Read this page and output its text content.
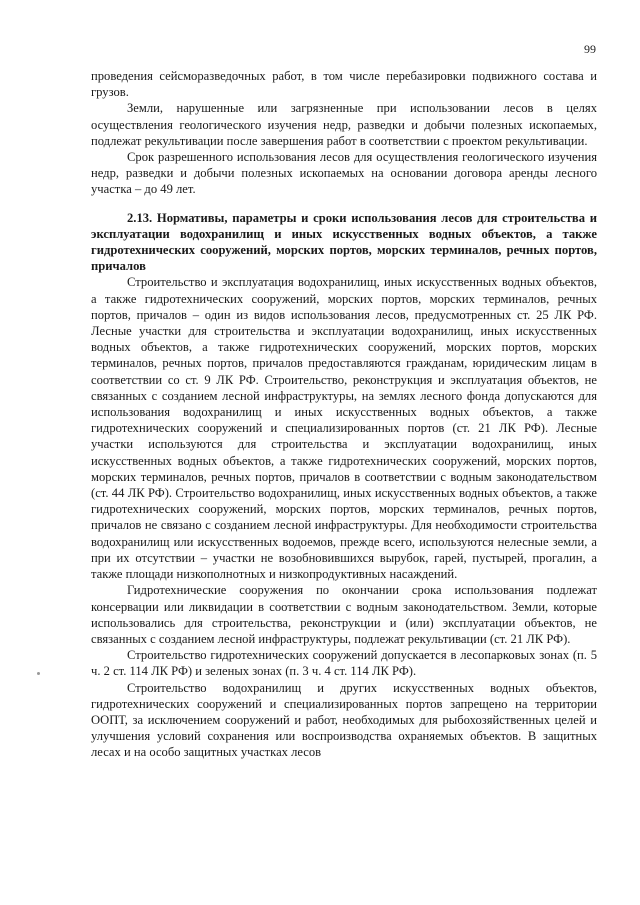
99

проведения сейсморазведочных работ, в том числе перебазировки подвижного состава и грузов.

Земли, нарушенные или загрязненные при использовании лесов в целях осуществления геологического изучения недр, разведки и добычи полезных ископаемых, подлежат рекультивации после завершения работ в соответствии с проектом рекультивации.

Срок разрешенного использования лесов для осуществления геологического изучения недр, разведки и добычи полезных ископаемых на основании договора аренды лесного участка – до 49 лет.

2.13. Нормативы, параметры и сроки использования лесов для строительства и эксплуатации водохранилищ и иных искусственных водных объектов, а также гидротехнических сооружений, морских портов, морских терминалов, речных портов, причалов

Строительство и эксплуатация водохранилищ, иных искусственных водных объектов, а также гидротехнических сооружений, морских портов, морских терминалов, речных портов, причалов – один из видов использования лесов, предусмотренных ст. 25 ЛК РФ. Лесные участки для строительства и эксплуатации водохранилищ, иных искусственных водных объектов, а также гидротехнических сооружений, морских портов, морских терминалов, речных портов, причалов предоставляются гражданам, юридическим лицам в соответствии со ст. 9 ЛК РФ. Строительство, реконструкция и эксплуатация объектов, не связанных с созданием лесной инфраструктуры, на землях лесного фонда допускаются для использования водохранилищ и иных искусственных водных объектов, а также гидротехнических сооружений и специализированных портов (ст. 21 ЛК РФ). Лесные участки используются для строительства и эксплуатации водохранилищ, иных искусственных водных объектов, а также гидротехнических сооружений, морских портов, морских терминалов, речных портов, причалов в соответствии с водным законодательством (ст. 44 ЛК РФ). Строительство водохранилищ, иных искусственных водных объектов, а также гидротехнических сооружений, морских портов, морских терминалов, речных портов, причалов не связано с созданием лесной инфраструктуры. Для необходимости строительства водохранилищ или искусственных водоемов, прежде всего, используются нелесные земли, а при их отсутствии – участки не возобновившихся вырубок, гарей, пустырей, прогалин, а также площади низкополнотных и низкопродуктивных насаждений.

Гидротехнические сооружения по окончании срока использования подлежат консервации или ликвидации в соответствии с водным законодательством. Земли, которые использовались для строительства, реконструкции и (или) эксплуатации объектов, не связанных с созданием лесной инфраструктуры, подлежат рекультивации (ст. 21 ЛК РФ).

Строительство гидротехнических сооружений допускается в лесопарковых зонах (п. 5 ч. 2 ст. 114 ЛК РФ) и зеленых зонах (п. 3 ч. 4 ст. 114 ЛК РФ).

Строительство водохранилищ и других искусственных водных объектов, гидротехнических сооружений и специализированных портов запрещено на территории ООПТ, за исключением сооружений и работ, необходимых для рыбохозяйственных целей и улучшения условий сохранения или воспроизводства охраняемых объектов. В защитных лесах и на особо защитных участках лесов
